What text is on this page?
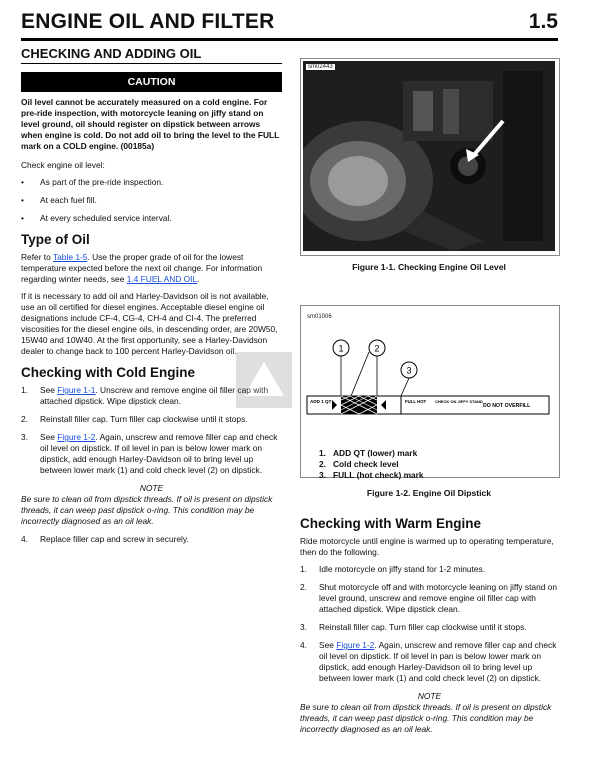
ENGINE OIL AND FILTER	1.5
CHECKING AND ADDING OIL
CAUTION
Oil level cannot be accurately measured on a cold engine. For pre-ride inspection, with motorcycle leaning on jiffy stand on level ground, oil should register on dipstick between arrows when engine is cold. Do not add oil to bring the level to the FULL mark on a COLD engine. (00185a)

Check engine oil level:

•	As part of the pre-ride inspection.
•	At each fuel fill.
•	At every scheduled service interval.
Type of Oil

Refer to Table 1-5. Use the proper grade of oil for the lowest temperature expected before the next oil change. For information regarding winter needs, see 1.4 FUEL AND OIL.

If it is necessary to add oil and Harley-Davidson oil is not available, use an oil certified for diesel engines. Acceptable diesel engine oil designations include CF-4, CG-4, CH-4 and CI-4. The preferred viscosities for the diesel engine oils, in descending order, are 20W50, 15W40 and 10W40. At the first opportunity, see a Harley-Davidson dealer to change back to 100 percent Harley-Davidson oil.

Checking with Cold Engine
1.	See Figure 1-1. Unscrew and remove engine oil filler cap with attached dipstick. Wipe dipstick clean.
2.	Reinstall filler cap. Turn filler cap clockwise until it stops.
3.	See Figure 1-2. Again, unscrew and remove filler cap and check oil level on dipstick. If oil level in pan is below lower mark on dipstick, add enough Harley-Davidson oil to bring level up between lower mark (1) and cold check level (2) on dipstick.
NOTE
Be sure to clean oil from dipstick threads. If oil is present on dipstick threads, it can weep past dipstick o-ring. This condition may be incorrectly diagnosed as an oil leak.
4.	Replace filler cap and screw in securely.
sm02443
Figure 1-1. Checking Engine Oil Level
sm01006
1	2
3
ADD 1 QT	FULL HOT CHECK ON JIFFY STAND
DO NOT OVERFILL
1. ADD QT (lower) mark
2. Cold check level
3. FULL (hot check) mark
Figure 1-2. Engine Oil Dipstick
Checking with Warm Engine

Ride motorcycle until engine is warmed up to operating temperature, then do the following.

1.	Idle motorcycle on jiffy stand for 1-2 minutes.
2.	Shut motorcycle off and with motorcycle leaning on jiffy stand on level ground, unscrew and remove engine oil filler cap with attached dipstick. Wipe dipstick clean.
3.	Reinstall filler cap. Turn filler cap clockwise until it stops.
4.	See Figure 1-2. Again, unscrew and remove filler cap and check oil level on dipstick. If oil level in pan is below lower mark on dipstick, add enough Harley-Davidson oil to bring level up between lower mark (1) and cold check level (2) on dipstick.
NOTE
Be sure to clean oil from dipstick threads. If oil is present on dipstick threads, it can weep past dipstick o-ring. This condition may be incorrectly diagnosed as an oil leak.
